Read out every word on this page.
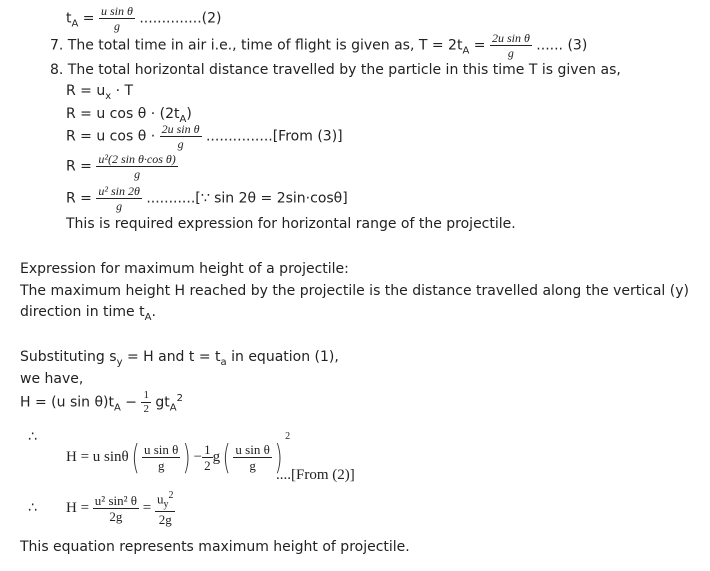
$t_A = \frac{\text{u sin θ}}{g} ..............(2)$
7. The total time in air i.e., time of flight is given as, $T = 2t_A = \frac{\text{2u sin θ}}{g}$ ...... (3)
8. The total horizontal distance travelled by the particle in this time T is given as,
$R = u_x \cdot T$
R = u $\cos \theta \cdot (2t_A)$
R = u $\cos \theta \cdot \frac{\text{2u sin θ}}{g}$ ...............[From (3)]
$R = \frac{\text{u²(2 sin θ·cos θ)}}{g}$
$R = \frac{\text{u² sin 2θ}}{g}$ ...........[∵ sin 2θ = 2sin·cosθ]
This is required expression for horizontal range of the projectile.
Expression for maximum height of a projectile:
The maximum height H reached by the projectile is the distance travelled along the vertical (y)
direction in time $t_A$.
Substituting $s_y = H$ and $t = t_a$ in equation (1),
we have,
H = (u $\sin \theta)t_A - \frac{1}{2} gt_A^2$
∴
H = u $\sin\theta( \frac{\text{u sin θ}}{g}$ ) − $\frac{1}{2} g( \frac{\text{u sin θ}}{g} )^2$
....[From (2)]
∴ $H = \frac{\text{u² sin² θ}}{2g} = \frac{u_y^2}{2g}$
This equation represents maximum height of projectile.
